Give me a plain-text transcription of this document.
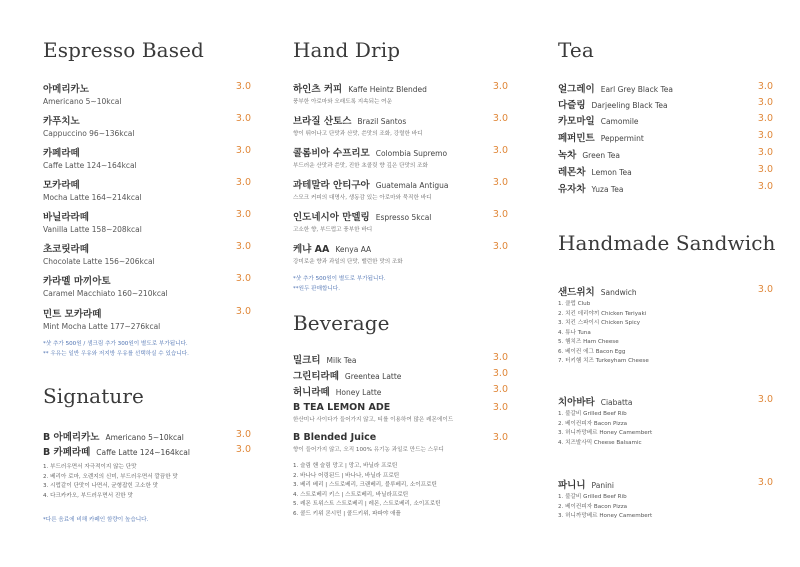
Espresso Based
아메리카노
Americano 5~10kcal
3.0
카푸치노
Cappuccino 96~136kcal
3.0
카페라떼
Caffe Latte 124~164kcal
3.0
모카라떼
Mocha Latte 164~214kcal
3.0
바닐라라떼
Vanilla Latte 158~208kcal
3.0
초코릿라떼
Chocolate Latte 156~206kcal
3.0
카라멜 마끼아토
Caramel Macchiato 160~210kcal
3.0
민트 모카라떼
Mint Mocha Latte 177~276kcal
3.0
*샷 추가 500원 / 샘크림 추가 300원이 별도로 부가됩니다.
** 우유는 일반 우유와 저지방 우유를 선택하실 수 있습니다.
Signature
B 아메리카노 Americano 5~10kcal	3.0
B 카페라떼 Caffe Latte 124~164kcal	3.0
1. 부드러우면서 자극적이지 않는 단맛
2. 베리아 로마, 오렌지의 신미, 부드러우면서 깔끔한 맛
3. 시럽같이 단맛이 나면서, 균형잡힌 고소한 맛
4. 다크카카오, 부드러우면서 진한 맛
*다른 음료에 비해 카페인 함량이 높습니다.
Hand Drip
하인츠 커피 Kaffe Heintz Blended
풍부한 아로마와 오래도록 지속되는 여운
3.0
브라질 산토스 Brazil Santos
향이 뛰어나고 단맛과 산맛, 쓴맛의 조화, 강렬한 바디
3.0
콜롬비아 수프리모 Colombia Supremo
부드러운 산맛과 쓴맛, 진한 초콜릿 향 깊은 단맛의 조화
3.0
과테말라 안티구아 Guatemala Antigua
스모크 커피의 대명사, 생동감 있는 아로마와 묵직한 바디
3.0
인도네시아 만델링 Espresso 5kcal
고소한 향, 부드럽고 풍부한 바디
3.0
케냐 AA Kenya AA
강미로운 향과 과일의 단맛, 밸런한 맛의 조화
3.0
*샷 추가 500원이 별도로 부가됩니다.
**원두 판매합니다.
Beverage
밀크티 Milk Tea	3.0
그린티라떼 Greentea Latte	3.0
허니라떼 Honey Latte	3.0
B TEA LEMON ADE
한산미나 사이다가 들어가지 않고, 티를 이용하여 많은 레몬에이드
3.0
B Blended Juice
향이 들어가지 않고, 오직 100% 유기농 과일로 만드는 스무디
3.0
1. 슬림 핸 슬림 망고 | 망고, 바닐라 프로틴
2. 바나나 어링된드 | 바나나, 바닐라 프로틴
3. 베리 베리 | 스트로베리, 크랜베리, 블루베리, 소이프로틴
4. 스트로베리 키스 | 스트로베리, 바닐라프로틴
5. 레몬 트위스트 스트로베리 | 레몬, 스트로베리, 소이프로틴
6. 콜드 키위 쿈시민 | 콜드키위, 파파야 애플
Tea
얼그레이 Earl Grey Black Tea	3.0
다즐링 Darjeeling Black Tea	3.0
카모마일 Camomile	3.0
페퍼민트 Peppermint	3.0
녹차 Green Tea	3.0
레몬차 Lemon Tea	3.0
유자차 Yuza Tea	3.0
Handmade Sandwich
샌드위치 Sandwich	3.0
1. 클럽 Club
2. 치킨 데리야끼 Chicken Teriyaki
3. 치킨 스파이시 Chicken Spicy
4. 튜나 Tuna
5. 햄치즈 Ham Cheese
6. 베이컨 에그 Bacon Egg
7. 터키햄 치즈 Turkeyham Cheese
치아바타 Ciabatta	3.0
1. 불갈비 Grilled Beef Rib
2. 베이컨피자 Bacon Pizza
3. 허니까망베르 Honey Camembert
4. 치즈발사믹 Cheese Balsamic
파니니 Panini	3.0
1. 불갈비 Grilled Beef Rib
2. 베이컨피자 Bacon Pizza
3. 허니까망베르 Honey Camembert
